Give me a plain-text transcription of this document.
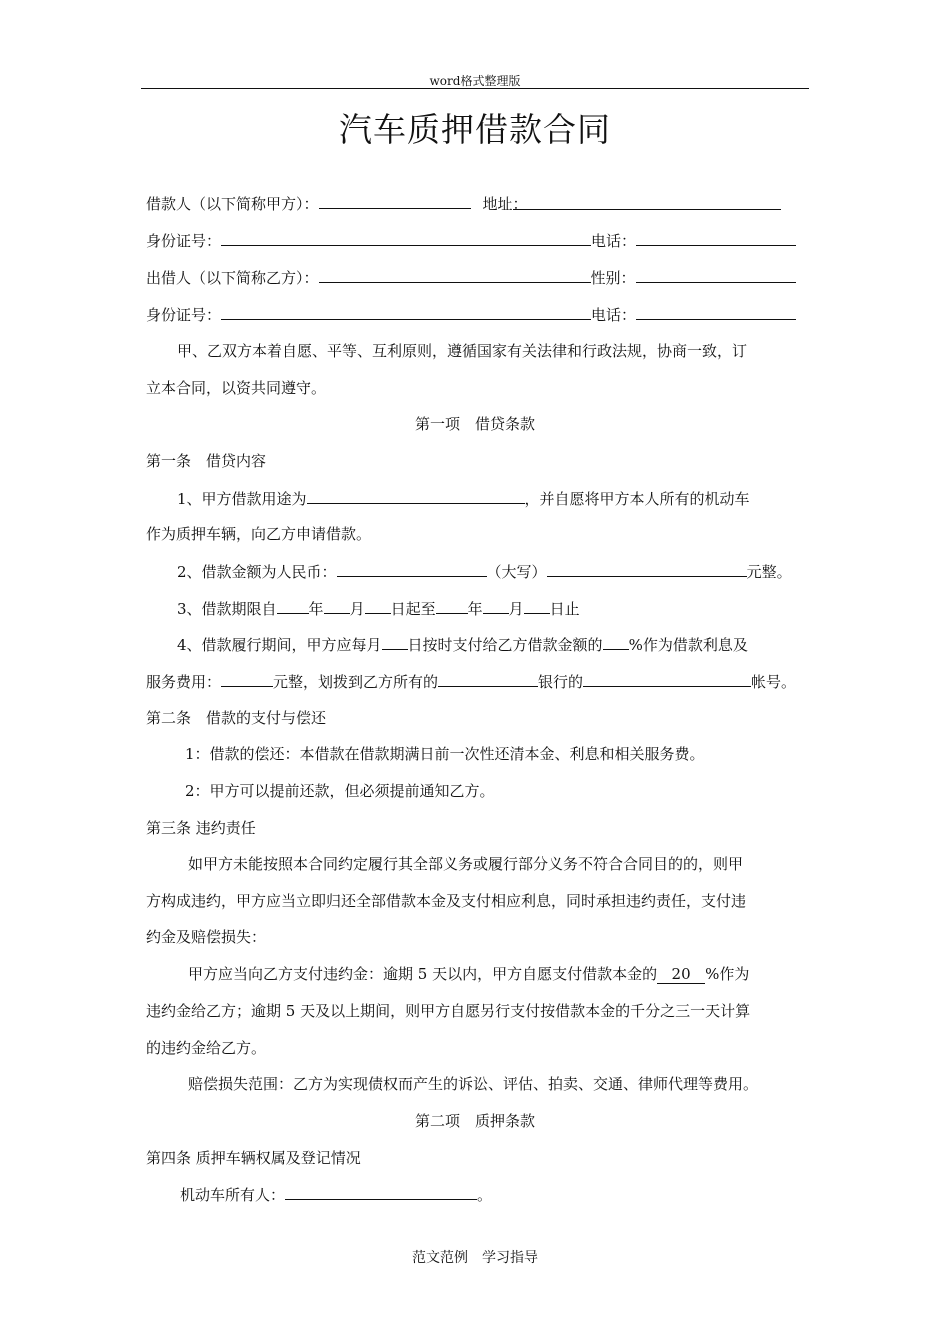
word格式整理版
汽车质押借款合同
借款人（以下简称甲方）：	地址：
身份证号：	电话：
出借人（以下简称乙方）：	性别：
身份证号：	电话：
甲、乙双方本着自愿、平等、互利原则，遵循国家有关法律和行政法规，协商一致，订
立本合同，以资共同遵守。
第一项　借贷条款
第一条　借贷内容
1、甲方借款用途为	，并自愿将甲方本人所有的机动车
作为质押车辆，向乙方申请借款。
2、借款金额为人民币：	（大写）	元整。
3、借款期限自 年 月 日起至 年 月 日止
4、借款履行期间，甲方应每月 日按时支付给乙方借款金额的 %作为借款利息及
服务费用：	元整，划拨到乙方所有的	银行的	帐号。
第二条　借款的支付与偿还
1：借款的偿还：本借款在借款期满日前一次性还清本金、利息和相关服务费。
2：甲方可以提前还款，但必须提前通知乙方。
第三条 违约责任
如甲方未能按照本合同约定履行其全部义务或履行部分义务不符合合同目的的，则甲
方构成违约，甲方应当立即归还全部借款本金及支付相应利息，同时承担违约责任，支付违
约金及赔偿损失：
甲方应当向乙方支付违约金：逾期 5 天以内，甲方自愿支付借款本金的 20 %作为
违约金给乙方；逾期 5 天及以上期间，则甲方自愿另行支付按借款本金的千分之三一天计算
的违约金给乙方。
赔偿损失范围：乙方为实现债权而产生的诉讼、评估、拍卖、交通、律师代理等费用。
第二项　质押条款
第四条 质押车辆权属及登记情况
机动车所有人：	。
范文范例　学习指导
